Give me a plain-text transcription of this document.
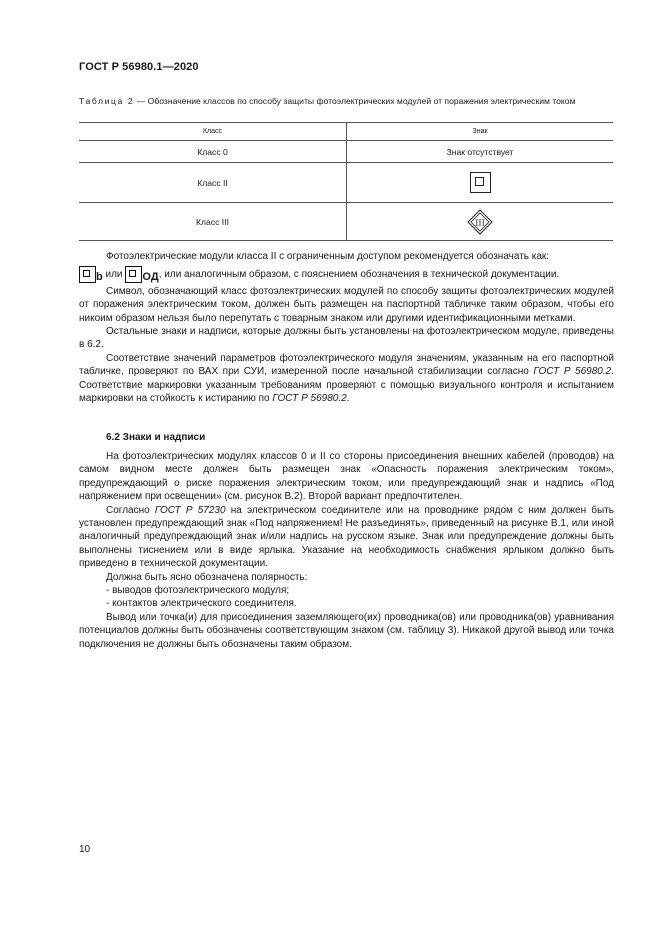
ГОСТ Р 56980.1—2020
Таблица 2 — Обозначение классов по способу защиты фотоэлектрических модулей от поражения электрическим током
Класс	Знак
Класс 0	Знак отсутствует
Класс II	
Класс III	III

Фотоэлектрические модули класса II с ограниченным доступом рекомендуется обозначать как:

b или OД, или аналогичным образом, с пояснением обозначения в технической документации.

Символ, обозначающий класс фотоэлектрических модулей по способу защиты фотоэлектрических модулей от поражения электрическим током, должен быть размещен на паспортной табличке таким образом, чтобы его никоим образом нельзя было перепутать с товарным знаком или другими идентификационными метками.

Остальные знаки и надписи, которые должны быть установлены на фотоэлектрическом модуле, приведены в 6.2.

Соответствие значений параметров фотоэлектрического модуля значениям, указанным на его паспортной табличке, проверяют по ВАХ при СУИ, измеренной после начальной стабилизации согласно ГОСТ Р 56980.2. Соответствие маркировки указанным требованиям проверяют с помощью визуального контроля и испытанием маркировки на стойкость к истиранию по ГОСТ Р 56980.2.

6.2 Знаки и надписи

На фотоэлектрических модулях классов 0 и II со стороны присоединения внешних кабелей (проводов) на самом видном месте должен быть размещен знак «Опасность поражения электрическим током», предупреждающий о риске поражения электрическим током, или предупреждающий знак и надпись «Под напряжением при освещении» (см. рисунок В.2). Второй вариант предпочтителен.

Согласно ГОСТ Р 57230 на электрическом соединителе или на проводнике рядом с ним должен быть установлен предупреждающий знак «Под напряжением! Не разъединять», приведенный на рисунке В.1, или иной аналогичный предупреждающий знак и/или надпись на русском языке. Знак или предупреждение должны быть выполнены тиснением или в виде ярлыка. Указание на необходимость снабжения ярлыком должно быть приведено в технической документации.

Должна быть ясно обозначена полярность:

- выводов фотоэлектрического модуля;

- контактов электрического соединителя.

Вывод или точка(и) для присоединения заземляющего(их) проводника(ов) или проводника(ов) уравнивания потенциалов должны быть обозначены соответствующим знаком (см. таблицу 3). Никакой другой вывод или точка подключения не должны быть обозначены таким образом.

10
